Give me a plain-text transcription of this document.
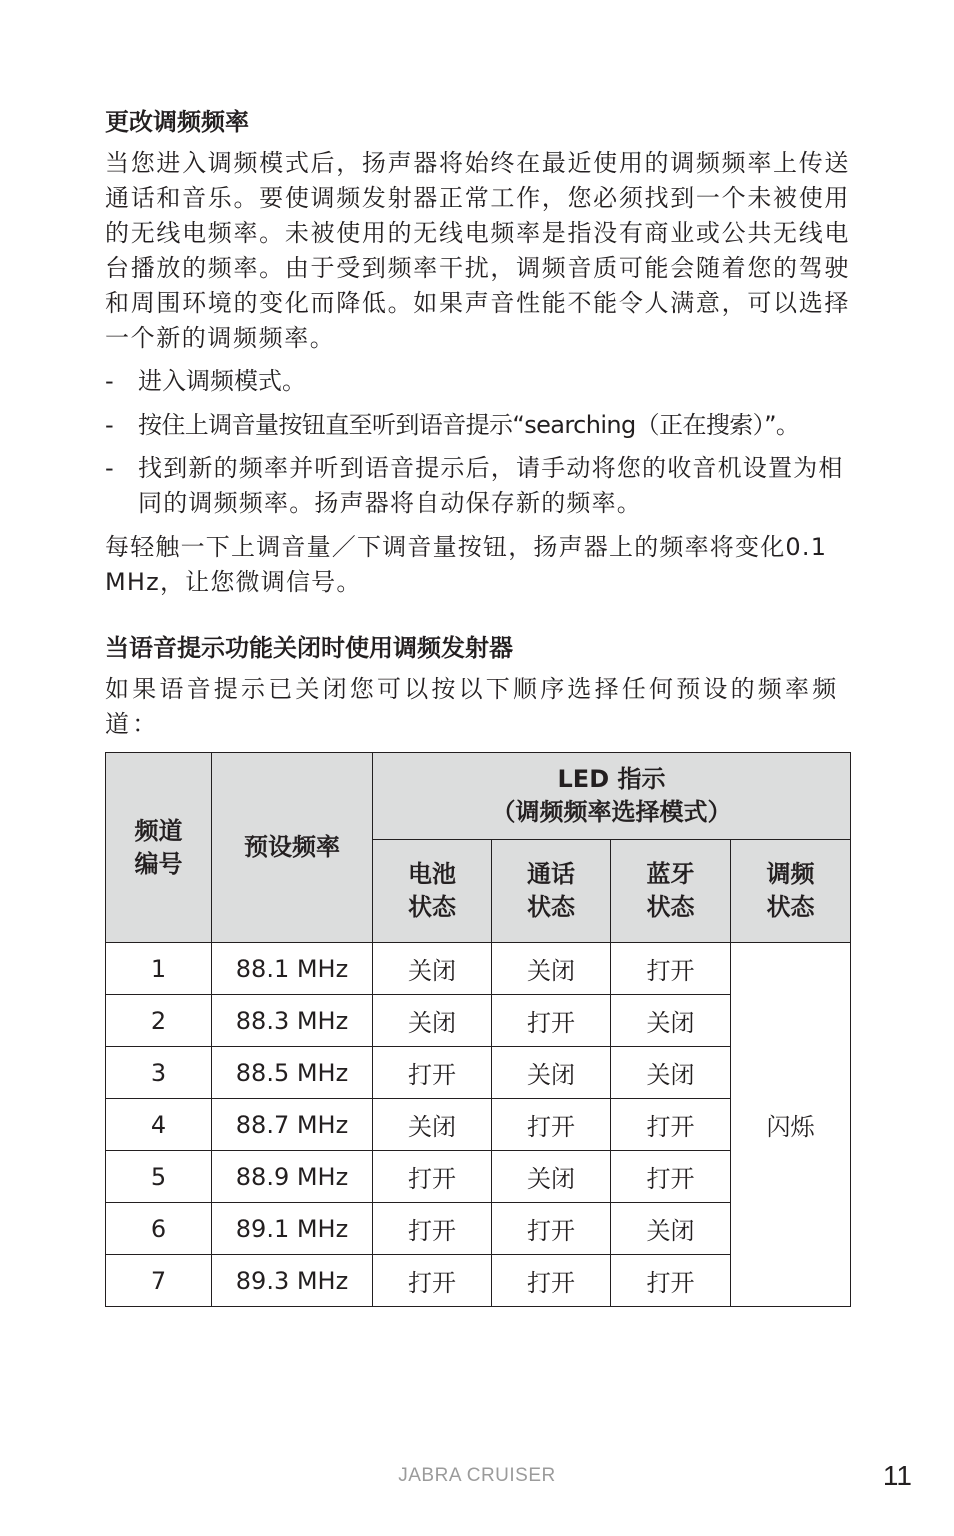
更改调频频率

当您进入调频模式后，扬声器将始终在最近使用的调频频率上传送通话和音乐。要使调频发射器正常工作，您必须找到一个未被使用的无线电频率。未被使用的无线电频率是指没有商业或公共无线电台播放的频率。由于受到频率干扰，调频音质可能会随着您的驾驶和周围环境的变化而降低。如果声音性能不能令人满意，可以选择一个新的调频频率。

- 进入调频模式。
- 按住上调音量按钮直至听到语音提示“searching（正在搜索）”。
- 找到新的频率并听到语音提示后，请手动将您的收音机设置为相同的调频频率。扬声器将自动保存新的频率。

每轻触一下上调音量／下调音量按钮，扬声器上的频率将变化0.1 MHz，让您微调信号。

当语音提示功能关闭时使用调频发射器

如果语音提示已关闭您可以按以下顺序选择任何预设的频率频道：

频道编号	预设频率	LED 指示
（调频频率选择模式）			

		电池状态	通话状态	蓝牙状态	调频状态

1	88.1 MHz	关闭	关闭	打开	闪烁
2	88.3 MHz	关闭	打开	关闭	
3	88.5 MHz	打开	关闭	关闭	
4	88.7 MHz	关闭	打开	打开	
5	88.9 MHz	打开	关闭	打开	
6	89.1 MHz	打开	打开	关闭	
7	89.3 MHz	打开	打开	打开	
JABRA CRUISER	11
